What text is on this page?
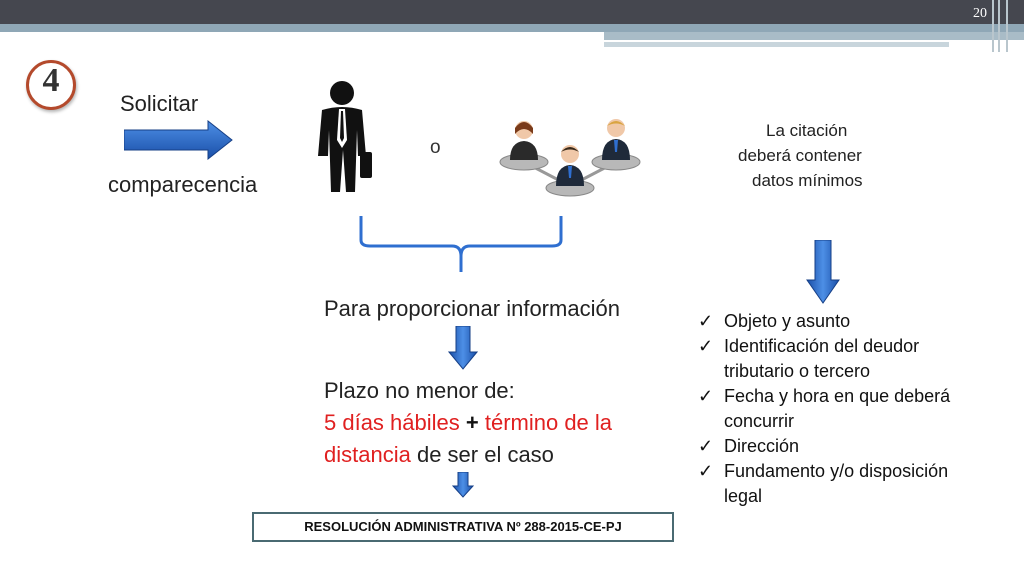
20
4
Solicitar
comparecencia
o
Para proporcionar información
Plazo no menor de:
5 días hábiles + término de la
distancia de ser el caso
RESOLUCIÓN ADMINISTRATIVA Nº 288-2015-CE-PJ
La citación
deberá contener
datos mínimos
✓ Objeto y asunto
✓ Identificación del deudor
tributario o tercero
✓ Fecha y hora en que deberá
concurrir
✓ Dirección
✓ Fundamento y/o disposición
legal
